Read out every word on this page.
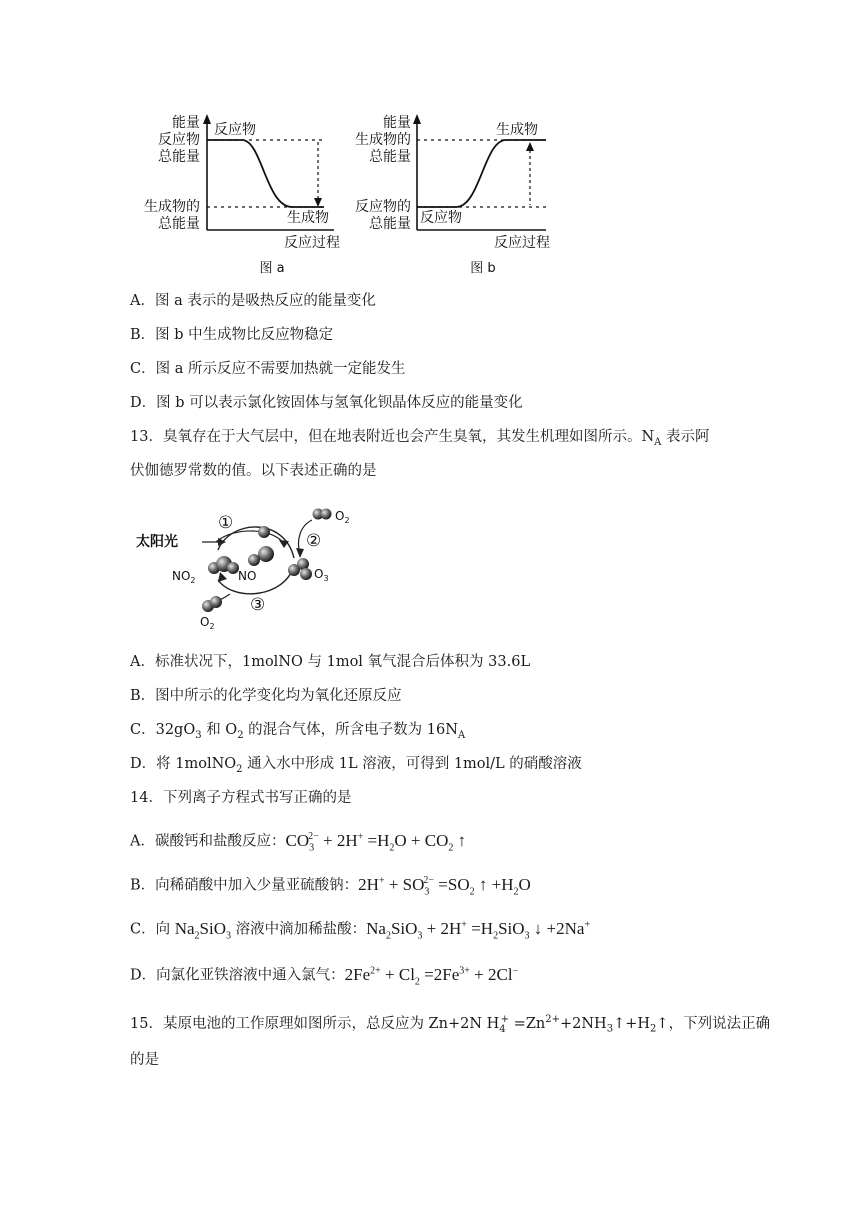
能量
反应物
总能量
生成物的
总能量
反应物
生成物
反应过程
图 a
能量
生成物的
总能量
反应物的
总能量 反应物
生成物
反应过程
图 b
A．图 a 表示的是吸热反应的能量变化
B．图 b 中生成物比反应物稳定
C．图 a 所示反应不需要加热就一定能发生
D．图 b 可以表示氯化铵固体与氢氧化钡晶体反应的能量变化
13．臭氧存在于大气层中，但在地表附近也会产生臭氧，其发生机理如图所示。$N_A$ 表示阿
伏伽德罗常数的值。以下表述正确的是
太阳光
①
②
③
$O_2$
NO
$NO_2$	$O_3$
$O_2$
A．标准状况下，1molNO 与 1mol 氧气混合后体积为 33.6L
B．图中所示的化学变化均为氧化还原反应
C．$32gO_3$ 和 $O_2$ 的混合气体，所含电子数为 $16N_A$
D．将 1molNO$_2$ 通入水中形成 1L 溶液，可得到 1mol/L 的硝酸溶液
14．下列离子方程式书写正确的是
A．碳酸钙和盐酸反应：$CO_3^{2-} + 2H^+ =H_2O + CO_2$ ↑
B．向稀硝酸中加入少量亚硫酸钠：$2H^+ + SO_3^{2-} =SO_2$ ↑ $+H_2O$
C．向 $Na_2SiO_3$ 溶液中滴加稀盐酸：$Na_2SiO_3 + 2H^+ =H_2SiO_3$ ↓ +2Na+
D．向氯化亚铁溶液中通入氯气：$2Fe^{2+} + Cl_2 =2Fe^{3+} + 2Cl^-$
15．某原电池的工作原理如图所示，总反应为 Zn+2N $H_4^+$ $=Zn^{2+}+2NH_3↑+H_2↑$，下列说法正确
的是
